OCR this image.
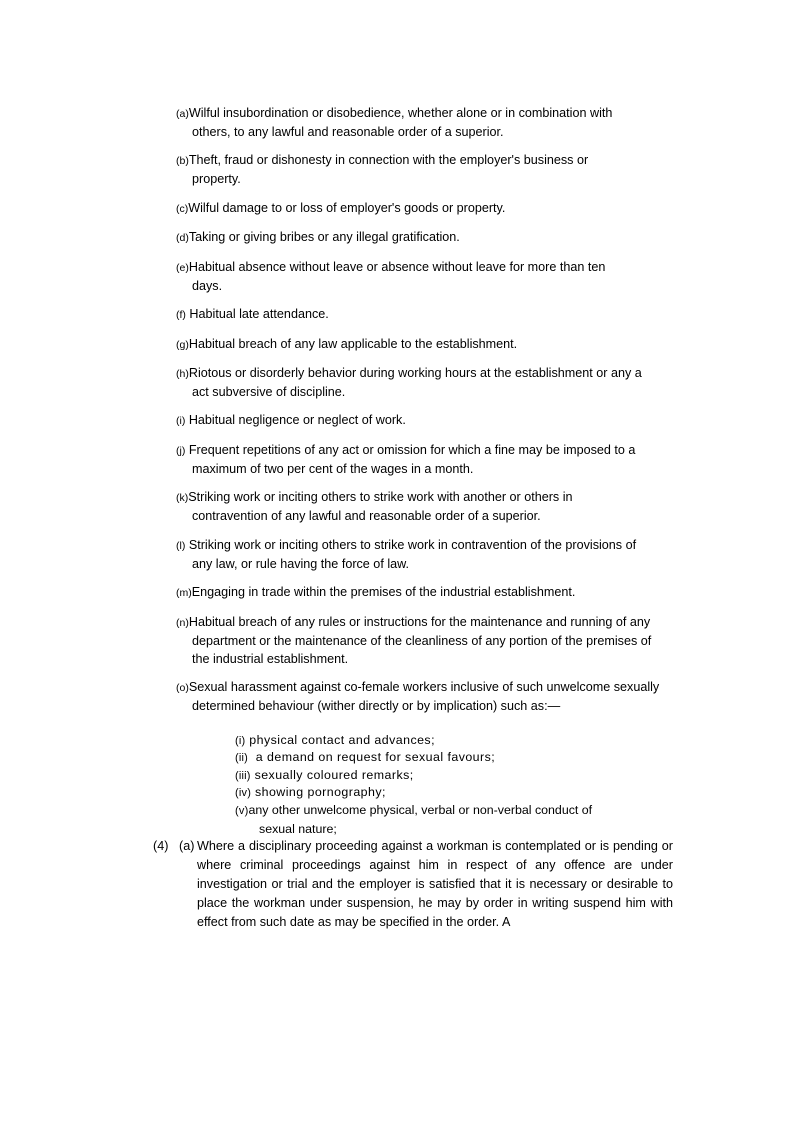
(a)Wilful insubordination or disobedience, whether alone or in combination with
others, to any lawful and reasonable order of a superior.
(b)Theft, fraud or dishonesty in connection with the employer's business or
property.
(c)Wilful damage to or loss of employer's goods or property.
(d)Taking or giving bribes or any illegal gratification.
(e)Habitual absence without leave or absence without leave for more than ten
days.
(f) Habitual late attendance.
(g)Habitual breach of any law applicable to the establishment.
(h)Riotous or disorderly behavior during working hours at the establishment or any a
act subversive of discipline.
(i) Habitual negligence or neglect of work.
(j) Frequent repetitions of any act or omission for which a fine may be imposed to a
maximum of two per cent of the wages in a month.
(k)Striking work or inciting others to strike work with another or others in
contravention of any lawful and reasonable order of a superior.
(l) Striking work or inciting others to strike work in contravention of the provisions of
any law, or rule having the force of law.
(m)Engaging in trade within the premises of the industrial establishment.
(n)Habitual breach of any rules or instructions for the maintenance and running of any
department or the maintenance of the cleanliness of any portion of the premises of
the industrial establishment.
(o)Sexual harassment against co-female workers inclusive of such unwelcome sexually
determined behaviour (wither directly or by implication) such as:—
(i) physical contact and advances;
(ii)  a demand on request for sexual favours;
(iii) sexually coloured remarks;
(iv) showing pornography;
(v)any other unwelcome physical, verbal or non-verbal conduct of
sexual nature;
(4) (a) Where a disciplinary proceeding against a workman is contemplated or is pending or where criminal proceedings against him in respect of any offence are under investigation or trial and the employer is satisfied that it is necessary or desirable to place the workman under suspension, he may by order in writing suspend him with effect from such date as may be specified in the order. A
